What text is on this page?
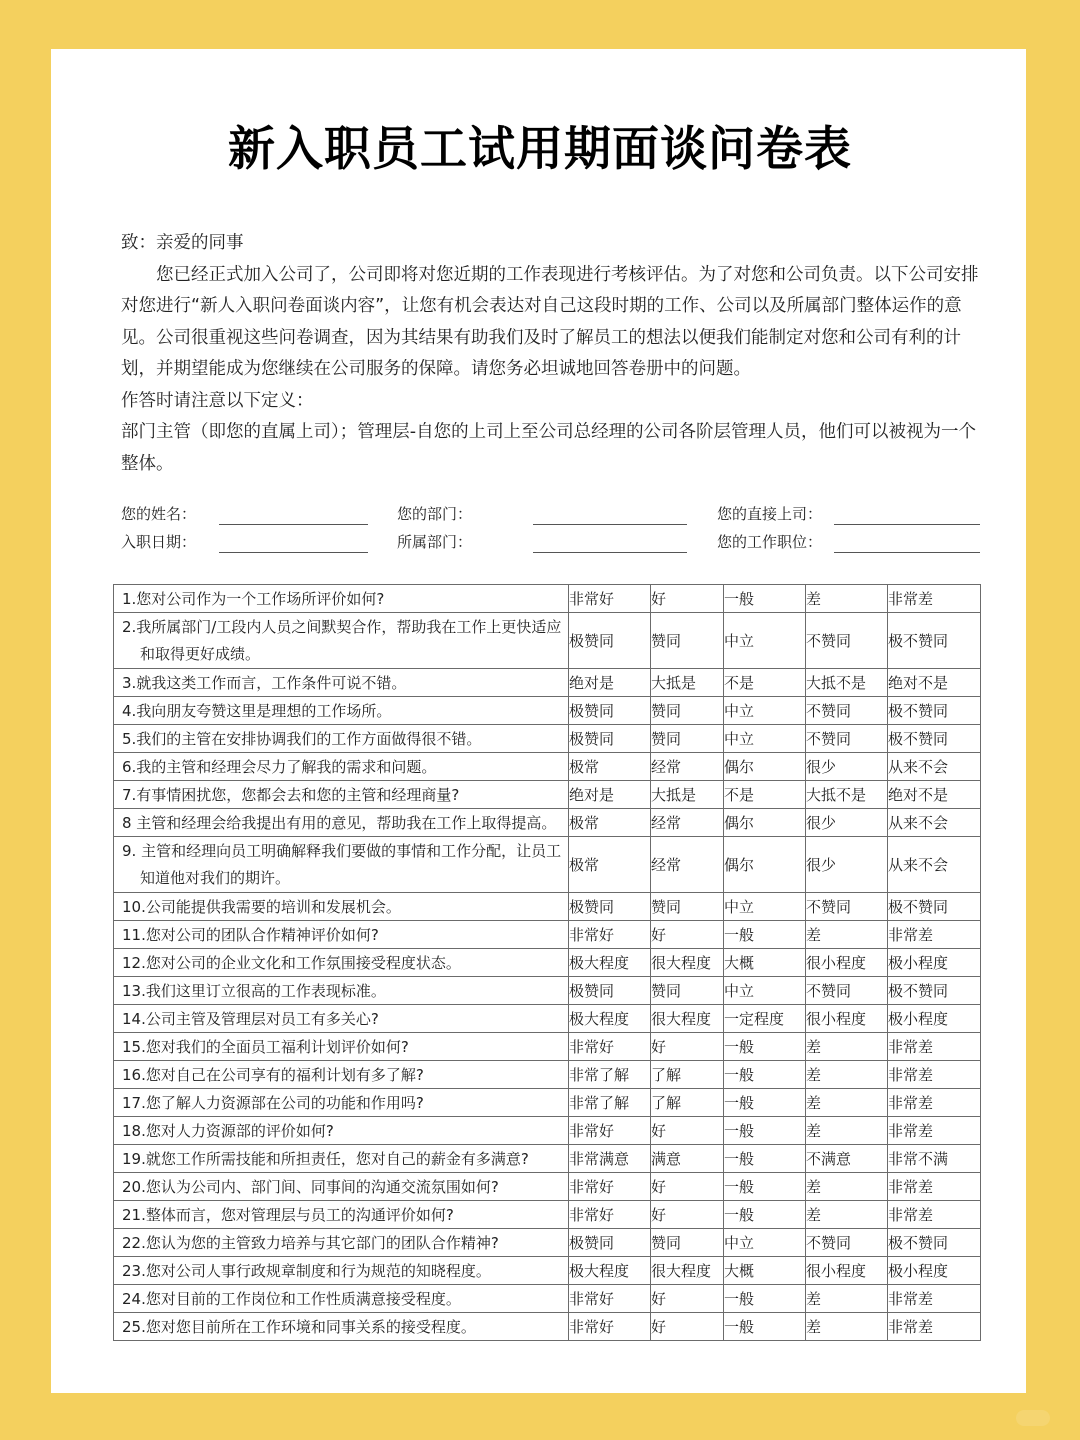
新入职员工试用期面谈问卷表

致：亲爱的同事

您已经正式加入公司了，公司即将对您近期的工作表现进行考核评估。为了对您和公司负责。以下公司安排对您进行“新人入职问卷面谈内容”，让您有机会表达对自己这段时期的工作、公司以及所属部门整体运作的意见。公司很重视这些问卷调查，因为其结果有助我们及时了解员工的想法以便我们能制定对您和公司有利的计划，并期望能成为您继续在公司服务的保障。请您务必坦诚地回答卷册中的问题。

作答时请注意以下定义：

部门主管（即您的直属上司）；管理层-自您的上司上至公司总经理的公司各阶层管理人员，他们可以被视为一个整体。

您的姓名：	您的部门：	您的直接上司：
入职日期：	所属部门：	您的工作职位：
1.您对公司作为一个工作场所评价如何?	非常好	好	一般	差	非常差

2.我所属部门/工段内人员之间默契合作，帮助我在工作上更快适应和取得更好成绩。	极赞同	赞同	中立	不赞同	极不赞同
3.就我这类工作而言，工作条件可说不错。	绝对是	大抵是	不是	大抵不是	绝对不是
4.我向朋友夸赞这里是理想的工作场所。	极赞同	赞同	中立	不赞同	极不赞同
5.我们的主管在安排协调我们的工作方面做得很不错。	极赞同	赞同	中立	不赞同	极不赞同
6.我的主管和经理会尽力了解我的需求和问题。	极常	经常	偶尔	很少	从来不会
7.有事情困扰您，您都会去和您的主管和经理商量?	绝对是	大抵是	不是	大抵不是	绝对不是
8 主管和经理会给我提出有用的意见，帮助我在工作上取得提高。	极常	经常	偶尔	很少	从来不会

9. 主管和经理向员工明确解释我们要做的事情和工作分配，让员工知道他对我们的期许。	极常	经常	偶尔	很少	从来不会
10.公司能提供我需要的培训和发展机会。	极赞同	赞同	中立	不赞同	极不赞同
11.您对公司的团队合作精神评价如何?	非常好	好	一般	差	非常差
12.您对公司的企业文化和工作氛围接受程度状态。	极大程度	很大程度	大概	很小程度	极小程度
13.我们这里订立很高的工作表现标准。	极赞同	赞同	中立	不赞同	极不赞同
14.公司主管及管理层对员工有多关心?	极大程度	很大程度	一定程度	很小程度	极小程度
15.您对我们的全面员工福利计划评价如何?	非常好	好	一般	差	非常差
16.您对自己在公司享有的福利计划有多了解?	非常了解	了解	一般	差	非常差
17.您了解人力资源部在公司的功能和作用吗?	非常了解	了解	一般	差	非常差
18.您对人力资源部的评价如何?	非常好	好	一般	差	非常差
19.就您工作所需技能和所担责任，您对自己的薪金有多满意?	非常满意	满意	一般	不满意	非常不满
20.您认为公司内、部门间、同事间的沟通交流氛围如何?	非常好	好	一般	差	非常差
21.整体而言，您对管理层与员工的沟通评价如何?	非常好	好	一般	差	非常差
22.您认为您的主管致力培养与其它部门的团队合作精神?	极赞同	赞同	中立	不赞同	极不赞同
23.您对公司人事行政规章制度和行为规范的知晓程度。	极大程度	很大程度	大概	很小程度	极小程度
24.您对目前的工作岗位和工作性质满意接受程度。	非常好	好	一般	差	非常差
25.您对您目前所在工作环境和同事关系的接受程度。	非常好	好	一般	差	非常差
